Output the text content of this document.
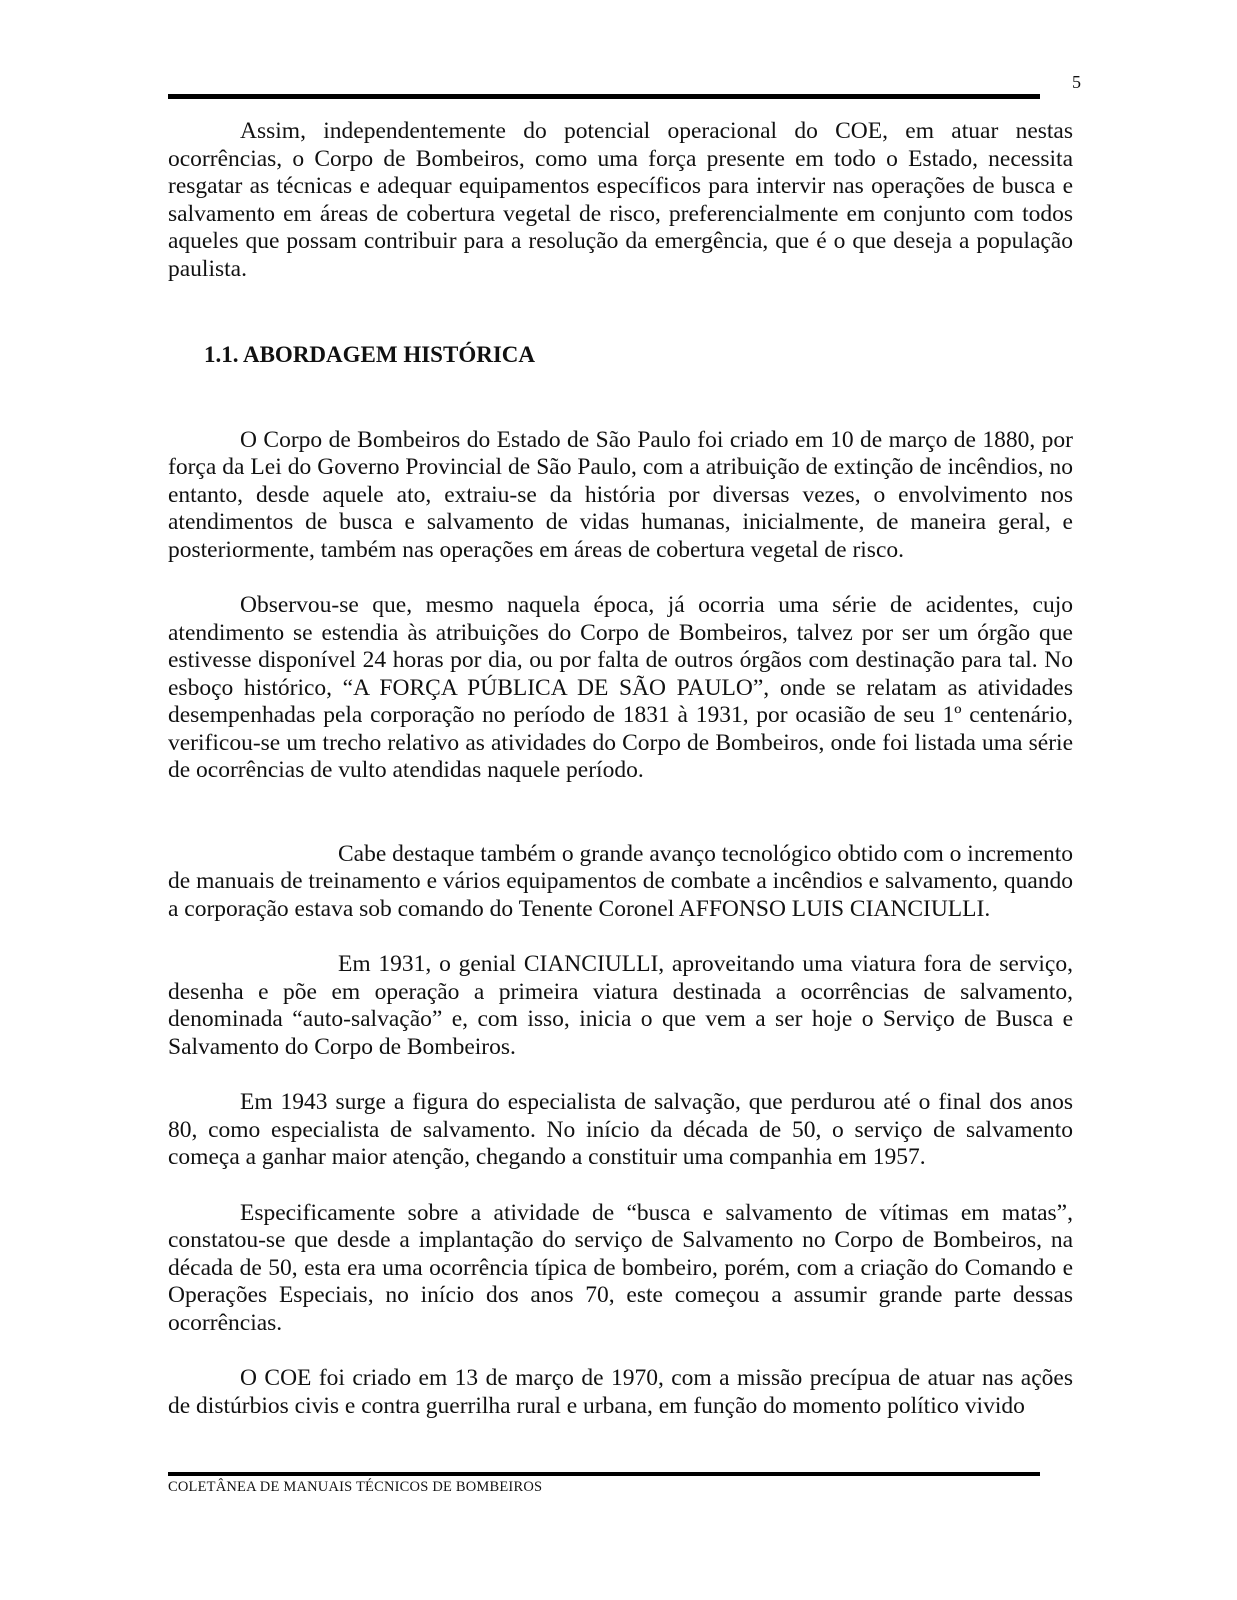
5

Assim, independentemente do potencial operacional do COE, em atuar nestas ocorrências, o Corpo de Bombeiros, como uma força presente em todo o Estado, necessita resgatar as técnicas e adequar equipamentos específicos para intervir nas operações de busca e salvamento em áreas de cobertura vegetal de risco, preferencialmente em conjunto com todos aqueles que possam contribuir para a resolução da emergência, que é o que deseja a população paulista.

1.1. ABORDAGEM HISTÓRICA

O Corpo de Bombeiros do Estado de São Paulo foi criado em 10 de março de 1880, por força da Lei do Governo Provincial de São Paulo, com a atribuição de extinção de incêndios, no entanto, desde aquele ato, extraiu-se da história por diversas vezes, o envolvimento nos atendimentos de busca e salvamento de vidas humanas, inicialmente, de maneira geral, e posteriormente, também nas operações em áreas de cobertura vegetal de risco.

Observou-se que, mesmo naquela época, já ocorria uma série de acidentes, cujo atendimento se estendia às atribuições do Corpo de Bombeiros, talvez por ser um órgão que estivesse disponível 24 horas por dia, ou por falta de outros órgãos com destinação para tal. No esboço histórico, “A FORÇA PÚBLICA DE SÃO PAULO”, onde se relatam as atividades desempenhadas pela corporação no período de 1831 à 1931, por ocasião de seu 1º centenário, verificou-se um trecho relativo as atividades do Corpo de Bombeiros, onde foi listada uma série de ocorrências de vulto atendidas naquele período.

Cabe destaque também o grande avanço tecnológico obtido com o incremento de manuais de treinamento e vários equipamentos de combate a incêndios e salvamento, quando a corporação estava sob comando do Tenente Coronel AFFONSO LUIS CIANCIULLI.

Em 1931, o genial CIANCIULLI, aproveitando uma viatura fora de serviço, desenha e põe em operação a primeira viatura destinada a ocorrências de salvamento, denominada “auto-salvação” e, com isso, inicia o que vem a ser hoje o Serviço de Busca e Salvamento do Corpo de Bombeiros.

Em 1943 surge a figura do especialista de salvação, que perdurou até o final dos anos 80, como especialista de salvamento. No início da década de 50, o serviço de salvamento começa a ganhar maior atenção, chegando a constituir uma companhia em 1957.

Especificamente sobre a atividade de “busca e salvamento de vítimas em matas”, constatou-se que desde a implantação do serviço de Salvamento no Corpo de Bombeiros, na década de 50, esta era uma ocorrência típica de bombeiro, porém, com a criação do Comando e Operações Especiais, no início dos anos 70, este começou a assumir grande parte dessas ocorrências.

O COE foi criado em 13 de março de 1970, com a missão precípua de atuar nas ações de distúrbios civis e contra guerrilha rural e urbana, em função do momento político vivido

COLETÂNEA DE MANUAIS TÉCNICOS DE BOMBEIROS
